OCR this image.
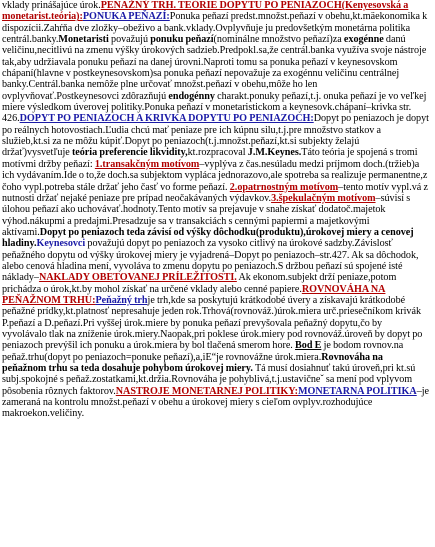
vklady prinášajúce úrok.PENAŽNÝ TRH. TEÓRIE DOPYTU PO PENIAZOCH(Kenyesovská a monetarist.teória):PONUKA PEŇAZÍ:Ponuka peňazí predst.množst.peňazí v obehu,kt.mäekonomika k dispozícii.Zahŕňa dve zložky–obeživo a bank.vklady.Ovplyvňuje ju predovšetkým monetárna politika centrál.banky.Monetaristi považujú ponuku peňazí(nominálne množstvo peňazí)za exogénne danú veličinu,necitlivú na zmenu výšky úrokových sadzieb.Predpokl.sa,že centrál.banka využíva svoje nástroje tak,aby udržiavala ponuku peňazí na danej úrovni.Naproti tomu sa ponuka peňazí v keynesovskom chápaní(hlavne v postkeynesovskom)sa ponuka peňazí nepovažuje za exogénnu veličinu centrálnej banky.Centrál.banka nemôže plne určovať množst.peňazí v obehu,môže ho len ovplyvňovať.Postkeynesovci zdôrazňujú endogénny charakt.ponuky peňazí,t.j. onuka peňazí je vo veľkej miere výsledkom úverovej politiky.Ponuka peňazí v monetaristickom a keynesovk.chápaní–krivka str. 426.DOPYT PO PENIAZOCH A KRIVKA DOPYTU PO PENIAZOCH:Dopyt po peniazoch je dopyt po reálnych hotovostiach.Ľudia chcú mať peniaze pre ich kúpnu silu,t.j.pre množstvo statkov a služieb,kt.si za ne môžu kúpiť.Dopyt po peniazoch(t.j.množst.peňazí,kt.si subjekty želajú držať)vysvetľuje teória preferencie likvidity,kt.rozpracoval J.M.Keynes.Táto teória je spojená s tromi motívmi držby peňazí: 1.transakčným motívom–vyplýva z čas.nesúladu medzi príjmom doch.(tržieb)a ich vydávaním.Ide o to,že doch.sa subjektom vypláca jednorazovo,ale spotreba sa realizuje permanentne,z čoho vypl.potreba stále držať jeho časť vo forme peňazí. 2.opatrnostným motívom–tento motív vypl.vá z nutnosti držať nejaké peniaze pre prípad neočakávaných výdavkov.3.špekulačným motívom–súvisí s úlohou peňazí ako uchovávať.hodnoty.Tento motív sa prejavuje v snahe získať dodatoč.majetok výhod.nákupmi a predajmi.Presadzuje sa v transakciách s cennými papiermi a majetkovými aktívami.Dopyt po peniazoch teda závisí od výšky dôchodku(produktu),úrokovej miery a cenovej hladiny.Keynesovci považujú dopyt po peniazoch za vysoko citlivý na úrokové sadzby.Závislosť peňažného dopytu od výšky úrokovej miery je vyjadrená–Dopyt po peniazoch–str.427. Ak sa dôchodok, alebo cenová hladina mení, vyvoláva to zmenu dopytu po peniazoch.S držbou peňazí sú spojené isté náklady–NAKLADY OBETOVANEJ PRÍLEŽITOSTI. Ak ekonom.subjekt drží peniaze,potom prichádza o úrok,kt.by mohol získať na určené vklady alebo cenné papiere.ROVNOVÁHA NA PEŇAŽNOM TRHU:Peňažný trhje trh,kde sa poskytujú krátkodobé úvery a získavajú krátkodobé peňažné prídky,kt.platnosť nepresahuje jeden rok.Trhová(rovnováž.)úrok.miera urč.priesečníkom krivák P.peňazí a D.peňazí.Pri vyššej úrok.miere by ponuka peňazí prevyšovala peňažný dopytu,čo by vyvolávalo tlak na zníženie úrok.miery.Naopak,pri poklese úrok.miery pod rovnováž.úroveň by dopyt po peniazoch prevýšil ich ponuku a úrok.miera by bol tlačená smerom hore. Bod E je bodom rovnov.na peňaž.trhu(dopyt po peniazoch=ponuke peňazí),a,iE“je rovnovážne úrok.miera.Rovnováha na peňažnom trhu sa teda dosahuje pohybom úrokovej miery. Tá musí dosiahnuť takú úroveň,pri kt.sú subj.spokojné s peňaž.zostatkami,kt.držia.Rovnováha je pohyblivá,t.j.ustavičneˇ sa mení pod vplyvom pôsobenia rôznych faktorov.NASTROJE MONETARNEJ POLITIKY:MONETARNA POLITIKA–je zameraná na kontrolu množst.peňazí v obehu a úrokovej miery s cieľom ovplyv.rozhodujúce makroekon.veličiny.
